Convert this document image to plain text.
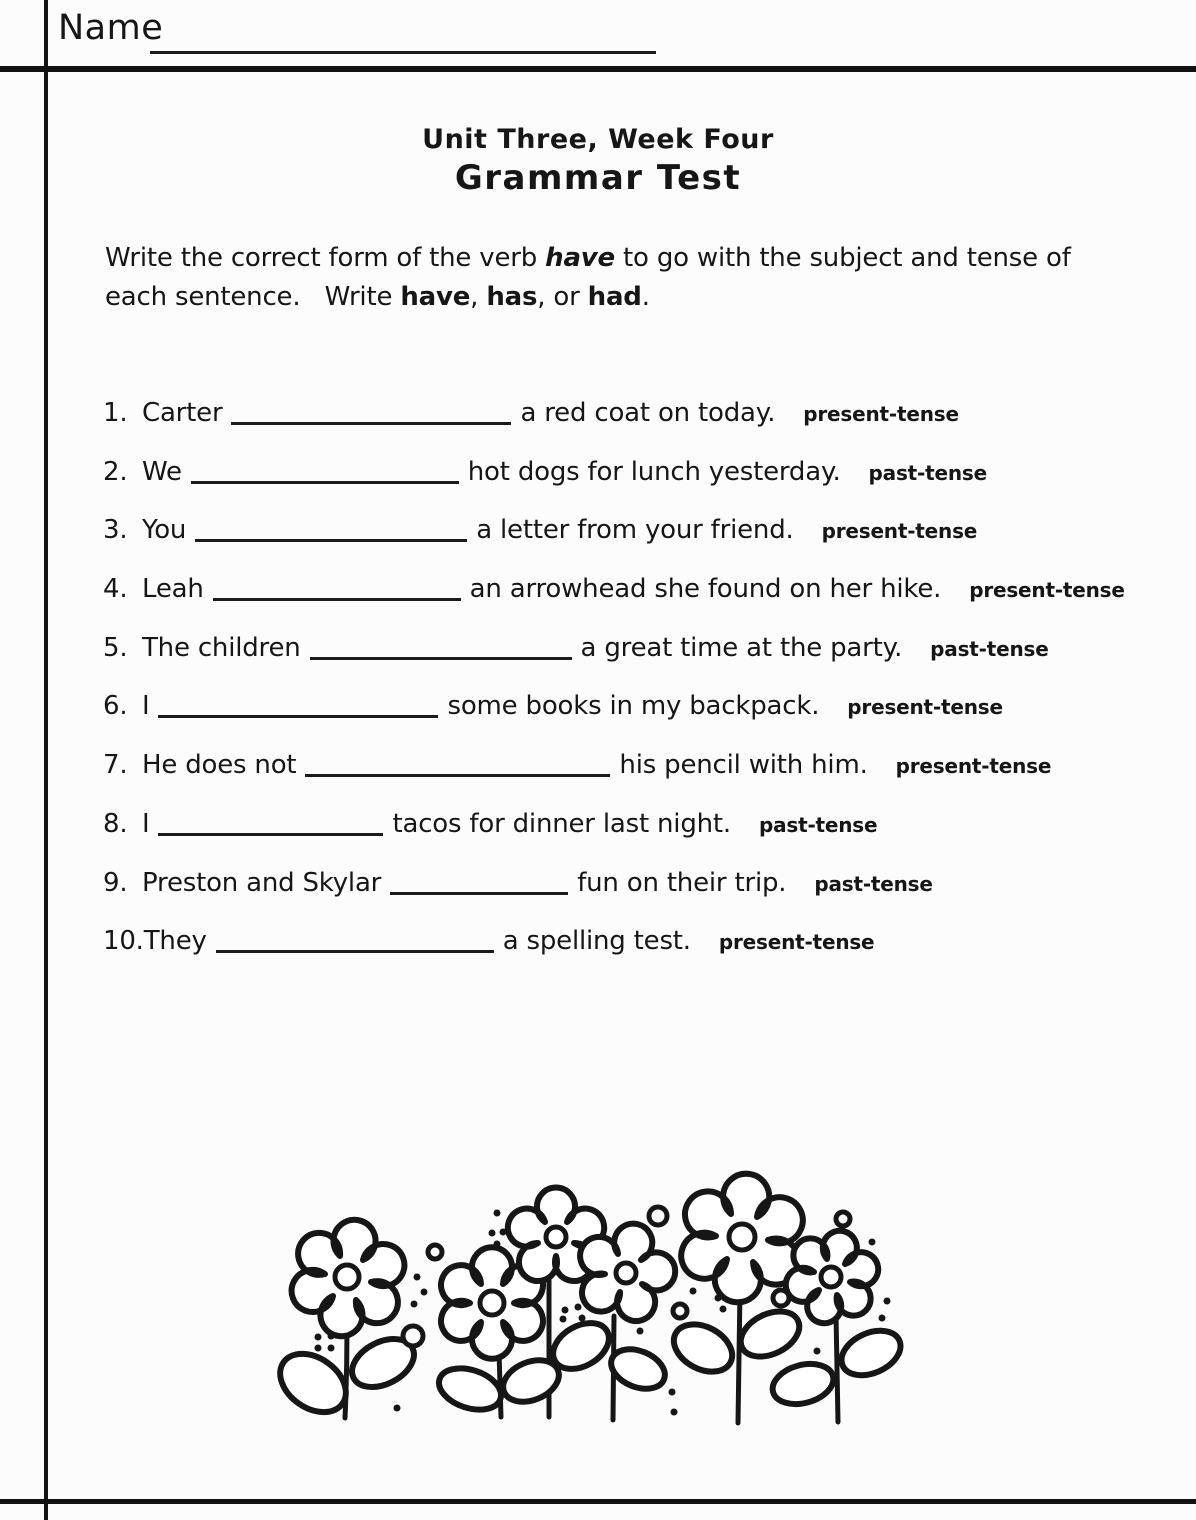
Name
Unit Three, Week Four
Grammar Test
Write the correct form of the verb have to go with the subject and tense of
each sentence.   Write have, has, or had.
1. Carter	a red coat on today. present-tense
2. We	hot dogs for lunch yesterday. past-tense
3. You	a letter from your friend. present-tense
4. Leah	an arrowhead she found on her hike. present-tense
5. The children	a great time at the party. past-tense
6. I	some books in my backpack. present-tense
7. He does not	his pencil with him. present-tense
8. I	tacos for dinner last night. past-tense
9. Preston and Skylar	fun on their trip. past-tense
10.They	a spelling test. present-tense
